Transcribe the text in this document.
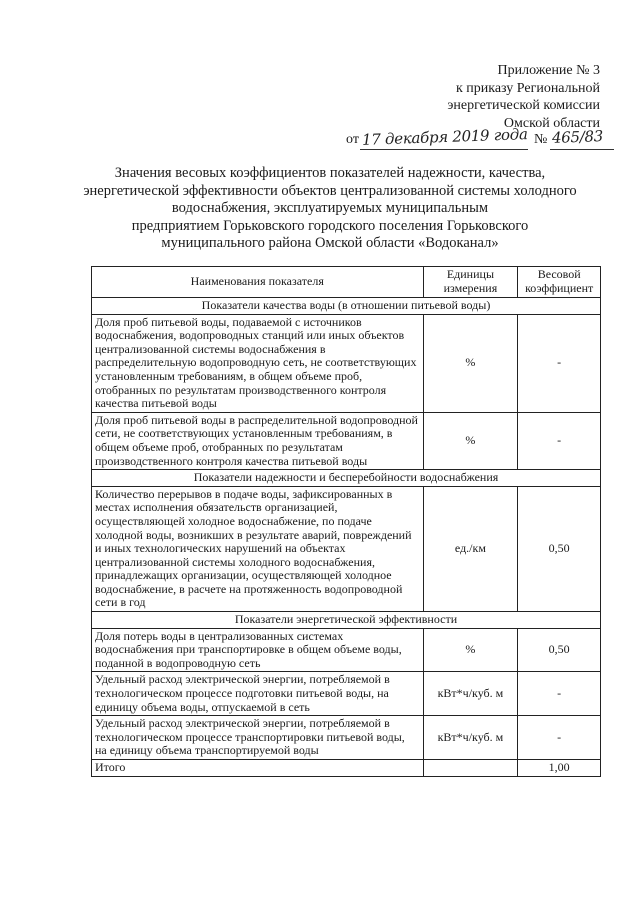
Приложение № 3
к приказу Региональной
энергетической комиссии
Омской области
от 17 декабря 2019 года № 465/83
Значения весовых коэффициентов показателей надежности, качества,
энергетической эффективности объектов централизованной системы холодного
водоснабжения, эксплуатируемых муниципальным
предприятием Горьковского городского поселения Горьковского
муниципального района Омской области «Водоканал»
Наименования показателя	Единицы измерения	Весовой коэффициент
Показатели качества воды (в отношении питьевой воды)		
Доля проб питьевой воды, подаваемой с источников водоснабжения, водопроводных станций или иных объектов централизованной системы водоснабжения в распределительную водопроводную сеть, не соответствующих установленным требованиям, в общем объеме проб, отобранных по результатам производственного контроля качества питьевой воды	%	-
Доля проб питьевой воды в распределительной водопроводной сети, не соответствующих установленным требованиям, в общем объеме проб, отобранных по результатам производственного контроля качества питьевой воды	%	-
Показатели надежности и бесперебойности водоснабжения		
Количество перерывов в подаче воды, зафиксированных в местах исполнения обязательств организацией, осуществляющей холодное водоснабжение, по подаче холодной воды, возникших в результате аварий, повреждений и иных технологических нарушений на объектах централизованной системы холодного водоснабжения, принадлежащих организации, осуществляющей холодное водоснабжение, в расчете на протяженность водопроводной сети в год	ед./км	0,50
Показатели энергетической эффективности		
Доля потерь воды в централизованных системах водоснабжения при транспортировке в общем объеме воды, поданной в водопроводную сеть	%	0,50
Удельный расход электрической энергии, потребляемой в технологическом процессе подготовки питьевой воды, на единицу объема воды, отпускаемой в сеть	кВт*ч/куб. м	-
Удельный расход электрической энергии, потребляемой в технологическом процессе транспортировки питьевой воды, на единицу объема транспортируемой воды	кВт*ч/куб. м	-
Итого		1,00
